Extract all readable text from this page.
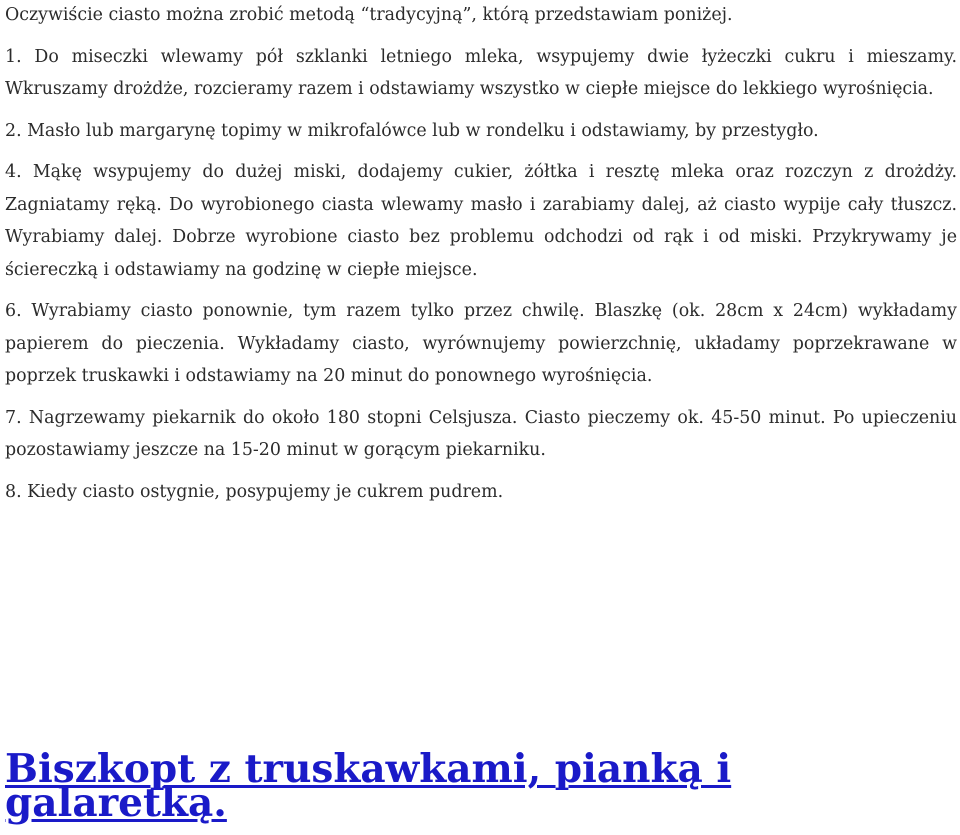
Oczywiście ciasto można zrobić metodą “tradycyjną”, którą przedstawiam poniżej.

1. Do miseczki wlewamy pół szklanki letniego mleka, wsypujemy dwie łyżeczki cukru i mieszamy. Wkruszamy drożdże, rozcieramy razem i odstawiamy wszystko w ciepłe miejsce do lekkiego wyrośnięcia.

2. Masło lub margarynę topimy w mikrofalówce lub w rondelku i odstawiamy, by przestygło.

4. Mąkę wsypujemy do dużej miski, dodajemy cukier, żółtka i resztę mleka oraz rozczyn z drożdży. Zagniatamy ręką. Do wyrobionego ciasta wlewamy masło i zarabiamy dalej, aż ciasto wypije cały tłuszcz. Wyrabiamy dalej. Dobrze wyrobione ciasto bez problemu odchodzi od rąk i od miski. Przykrywamy je ściereczką i odstawiamy na godzinę w ciepłe miejsce.

6. Wyrabiamy ciasto ponownie, tym razem tylko przez chwilę. Blaszkę (ok. 28cm x 24cm) wykładamy papierem do pieczenia. Wykładamy ciasto, wyrównujemy powierzchnię, układamy poprzekrawane w poprzek truskawki i odstawiamy na 20 minut do ponownego wyrośnięcia.

7. Nagrzewamy piekarnik do około 180 stopni Celsjusza. Ciasto pieczemy ok. 45-50 minut. Po upieczeniu pozostawiamy jeszcze na 15-20 minut w gorącym piekarniku.

8. Kiedy ciasto ostygnie, posypujemy je cukrem pudrem.

Biszkopt z truskawkami, pianką i galaretką.
